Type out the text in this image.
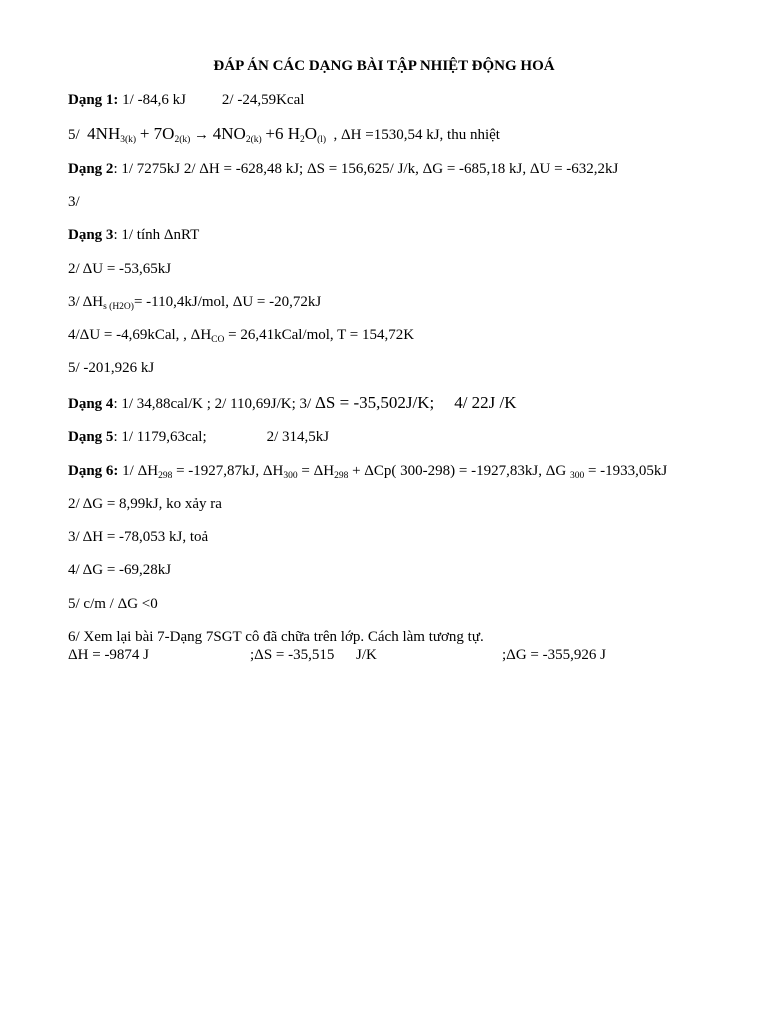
ĐÁP ÁN CÁC DẠNG BÀI TẬP NHIỆT ĐỘNG HOÁ
Dạng 1: 1/ -84,6 kJ 2/ -24,59Kcal
5/ $4NH_{3(k)} + 7O_{2(k)} \to 4NO_{2(k)} +6$ $H_2O_{(l)}$ , ΔH =1530,54 kJ, thu nhiệt
Dạng 2: 1/ 7275kJ 2/ ΔH = -628,48 kJ; ΔS = 156,625/ J/k, ΔG = -685,18 kJ, ΔU = -632,2kJ
3/
Dạng 3: 1/ tính ΔnRT
2/ ΔU = -53,65kJ
3/ $\Delta H_{s (H2O)}= -110,4kJ/mol$, ΔU = -20,72kJ
4/ΔU = -4,69kCal, , $\Delta H_{CO}$ = 26,41kCal/mol, T = 154,72K
5/ -201,926 kJ
Dạng 4: 1/ 34,88cal/K ; 2/ 110,69J/K; 3/ ΔS = -35,502J/K; 4/ 22J /K
Dạng 5: 1/ 1179,63cal;	2/ 314,5kJ
Dạng 6: 1/ $\Delta H_{298} = -1927,87kJ$, $\Delta H_{300} = \Delta H_{298} + \Delta Cp$( 300-298) = -1927,83kJ, ΔG $_{300}$ = -1933,05kJ
2/ ΔG = 8,99kJ, ko xảy ra
3/ ΔH = -78,053 kJ, toả
4/ ΔG = -69,28kJ
5/ c/m / ΔG <0
6/ Xem lại bài 7-Dạng 7SGT cô đã chữa trên lớp. Cách làm tương tự.
ΔH = -9874 J	;ΔS = -35,515 J/K	;ΔG = -355,926 J
